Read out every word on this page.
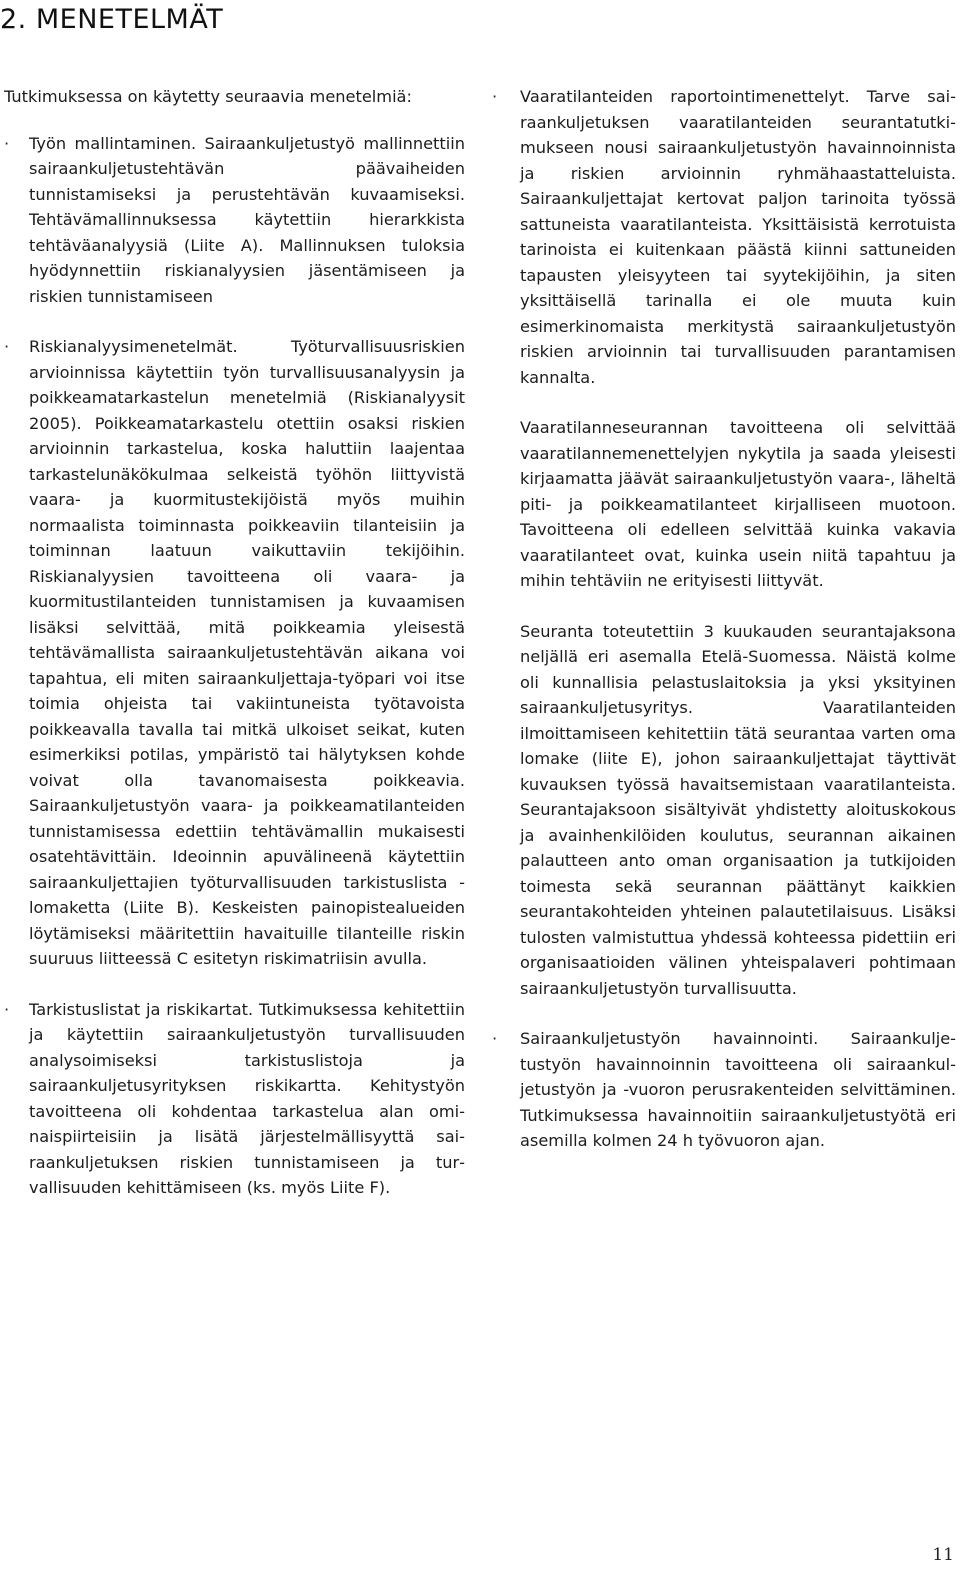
2. MENETELMÄT

Tutkimuksessa on käytetty seuraavia menetelmiä:

· Työn mallintaminen. Sairaankuljetustyö mallinnettiin sairaankuljetustehtävän päävaiheiden tunnistamiseksi ja perustehtävän kuvaamiseksi. Tehtävämallinnuksessa käytettiin hierarkkista tehtäväanalyysiä (Liite A). Mallinnuksen tuloksia hyödynnettiin riskianalyysien jäsentämiseen ja riskien tunnistamiseen
· Riskianalyysimenetelmät. Työturvallisuusriskien arvioinnissa käytettiin työn turvallisuusanalyysin ja poikkeamatarkastelun menetelmiä (Riskianalyysit 2005). Poikkeamatarkastelu otettiin osaksi riskien arvioinnin tarkastelua, koska haluttiin laajentaa tarkastelunäkökulmaa selkeistä työhön liittyvistä vaara- ja kuormitustekijöistä myös muihin normaalista toiminnasta poikkeaviin tilanteisiin ja toiminnan laatuun vaikuttaviin tekijöihin. Riskianalyysien tavoitteena oli vaara- ja kuormitustilanteiden tunnistamisen ja kuvaamisen lisäksi selvittää, mitä poikkeamia yleisestä tehtävämallista sairaankuljetustehtävän aikana voi tapahtua, eli miten sairaankuljettaja-työpari voi itse toimia ohjeista tai vakiintuneista työtavoista poikkeavalla tavalla tai mitkä ulkoiset seikat, kuten esimerkiksi potilas, ympäristö tai hälytyksen kohde voivat olla tavanomaisesta poikkeavia. Sairaankuljetustyön vaara- ja poikkeamatilanteiden tunnistamisessa edettiin tehtävämallin mukaisesti osatehtävittäin. Ideoinnin apuvälineenä käytettiin sairaankuljettajien työturvallisuuden tarkistuslista -lomaketta (Liite B). Keskeisten painopistealueiden löytämiseksi määritettiin havaituille tilanteille riskin suuruus liitteessä C esitetyn riskimatriisin avulla.
· Tarkistuslistat ja riskikartat. Tutkimuksessa kehitettiin ja käytettiin sairaankuljetustyön turvallisuuden analysoimiseksi tarkistuslistoja ja sairaankuljetusyrityksen riskikartta. Kehitystyön tavoitteena oli kohdentaa tarkastelua alan ominaispiirteisiin ja lisätä järjestelmällisyyttä sairaankuljetuksen riskien tunnistamiseen ja turvallisuuden kehittämiseen (ks. myös Liite F).
· Vaaratilanteiden raportointimenettelyt. Tarve sairaankuljetuksen vaaratilanteiden seurantatutkimukseen nousi sairaankuljetustyön havainnoinnista ja riskien arvioinnin ryhmähaastatteluista. Sairaankuljettajat kertovat paljon tarinoita työssä sattuneista vaaratilanteista. Yksittäisistä kerrotuista tarinoista ei kuitenkaan päästä kiinni sattuneiden tapausten yleisyyteen tai syytekijöihin, ja siten yksittäisellä tarinalla ei ole muuta kuin esimerkinomaista merkitystä sairaankuljetustyön riskien arvioinnin tai turvallisuuden parantamisen kannalta.

Vaaratilanneseurannan tavoitteena oli selvittää vaaratilannemenettelyjen nykytila ja saada yleisesti kirjaamatta jäävät sairaankuljetustyön vaara-, läheltä piti- ja poikkeamatilanteet kirjalliseen muotoon. Tavoitteena oli edelleen selvittää kuinka vakavia vaaratilanteet ovat, kuinka usein niitä tapahtuu ja mihin tehtäviin ne erityisesti liittyvät.

Seuranta toteutettiin 3 kuukauden seurantajaksona neljällä eri asemalla Etelä-Suomessa. Näistä kolme oli kunnallisia pelastuslaitoksia ja yksi yksityinen sairaankuljetusyritys. Vaaratilanteiden ilmoittamiseen kehitettiin tätä seurantaa varten oma lomake (liite E), johon sairaankuljettajat täyttivät kuvauksen työssä havaitsemistaan vaaratilanteista. Seurantajaksoon sisältyivät yhdistetty aloituskokous ja avainhenkilöiden koulutus, seurannan aikainen palautteen anto oman organisaation ja tutkijoiden toimesta sekä seurannan päättänyt kaikkien seurantakohteiden yhteinen palautetilaisuus. Lisäksi tulosten valmistuttua yhdessä kohteessa pidettiin eri organisaatioiden välinen yhteispalaveri pohtimaan sairaankuljetustyön turvallisuutta.

· Sairaankuljetustyön havainnointi. Sairaankuljetustyön havainnoinnin tavoitteena oli sairaankuljetustyön ja -vuoron perusrakenteiden selvittäminen. Tutkimuksessa havainnoitiin sairaankuljetustyötä eri asemilla kolmen 24 h työvuoron ajan.
11
